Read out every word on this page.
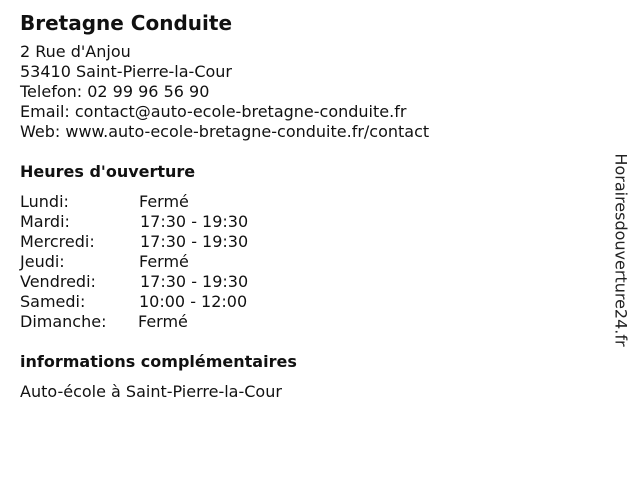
Bretagne Conduite
2 Rue d'Anjou
53410 Saint-Pierre-la-Cour
Telefon: 02 99 96 56 90
Email: contact@auto-ecole-bretagne-conduite.fr
Web: www.auto-ecole-bretagne-conduite.fr/contact
Heures d'ouverture
Lundi:	Fermé
Mardi:	17:30 - 19:30
Mercredi:	17:30 - 19:30
Jeudi:	Fermé
Vendredi:	17:30 - 19:30
Samedi:	10:00 - 12:00
Dimanche:	Fermé
informations complémentaires
Auto-école à Saint-Pierre-la-Cour
Horairesdouverture24.fr
